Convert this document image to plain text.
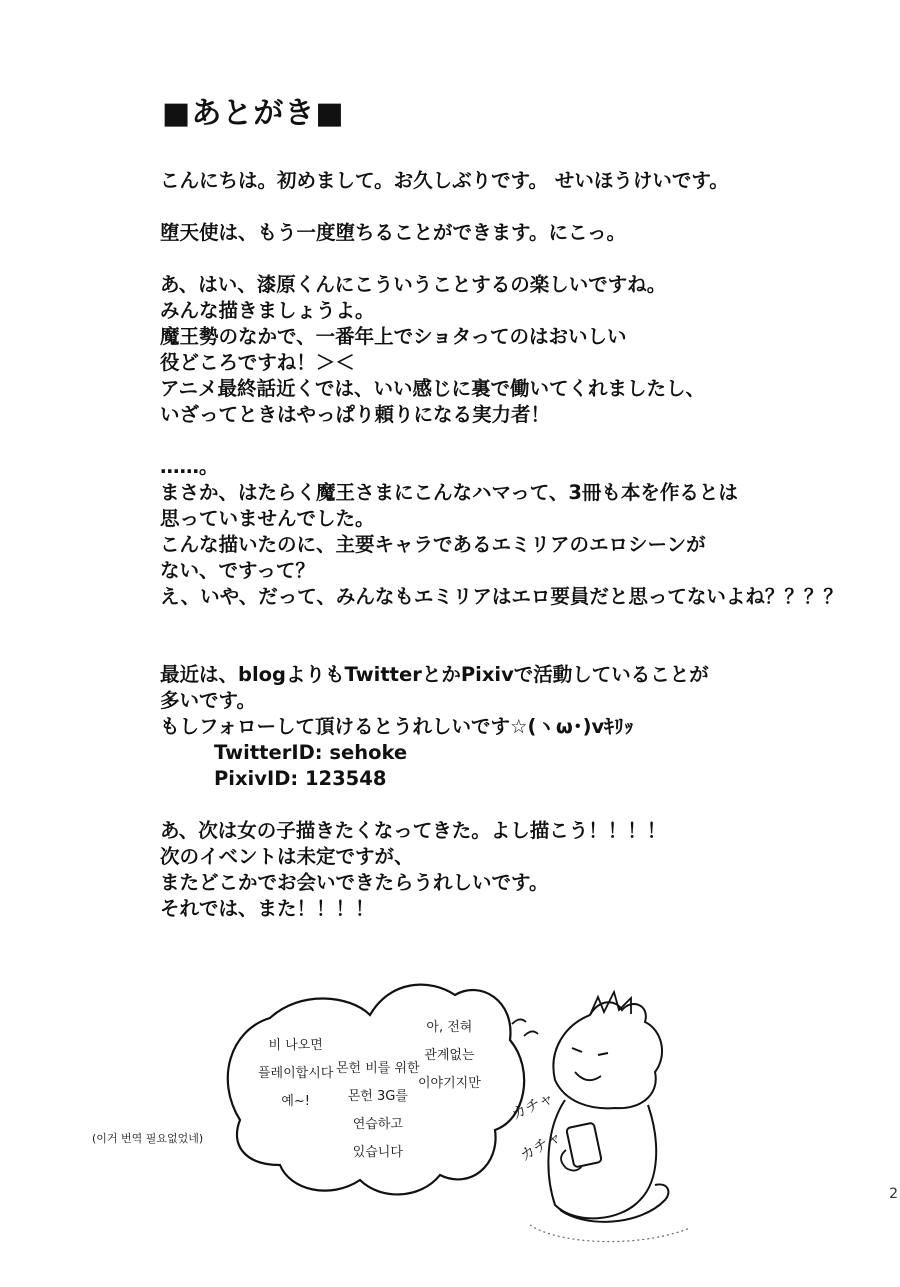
■あとがき■

こんにちは。初めまして。お久しぶりです。 せいほうけいです。

堕天使は、もう一度堕ちることができます。にこっ。

あ、はい、漆原くんにこういうことするの楽しいですね。
みんな描きましょうよ。
魔王勢のなかで、一番年上でショタってのはおいしい
役どころですね！＞＜
アニメ最終話近くでは、いい感じに裏で働いてくれましたし、
いざってときはやっぱり頼りになる実力者！

……。
まさか、はたらく魔王さまにこんなハマって、3冊も本を作るとは
思っていませんでした。
こんな描いたのに、主要キャラであるエミリアのエロシーンが
ない、ですって？
え、いや、だって、みんなもエミリアはエロ要員だと思ってないよね？？？？

最近は、blogよりもTwitterとかPixivで活動していることが
多いです。
もしフォローして頂けるとうれしいです☆(ヽω･)vｷﾘｯ
TwitterID: sehoke
PixivID: 123548

あ、次は女の子描きたくなってきた。よし描こう！！！！
次のイベントは未定ですが、
またどこかでお会いできたらうれしいです。
それでは、また！！！！

비 나오면
플레이합시다
예~!
몬헌 비를 위한
몬헌 3G를
연습하고
있습니다
아, 전혀
관계없는
이야기지만
(이거 번역 필요없었네)
カチャ
カチャ
2
